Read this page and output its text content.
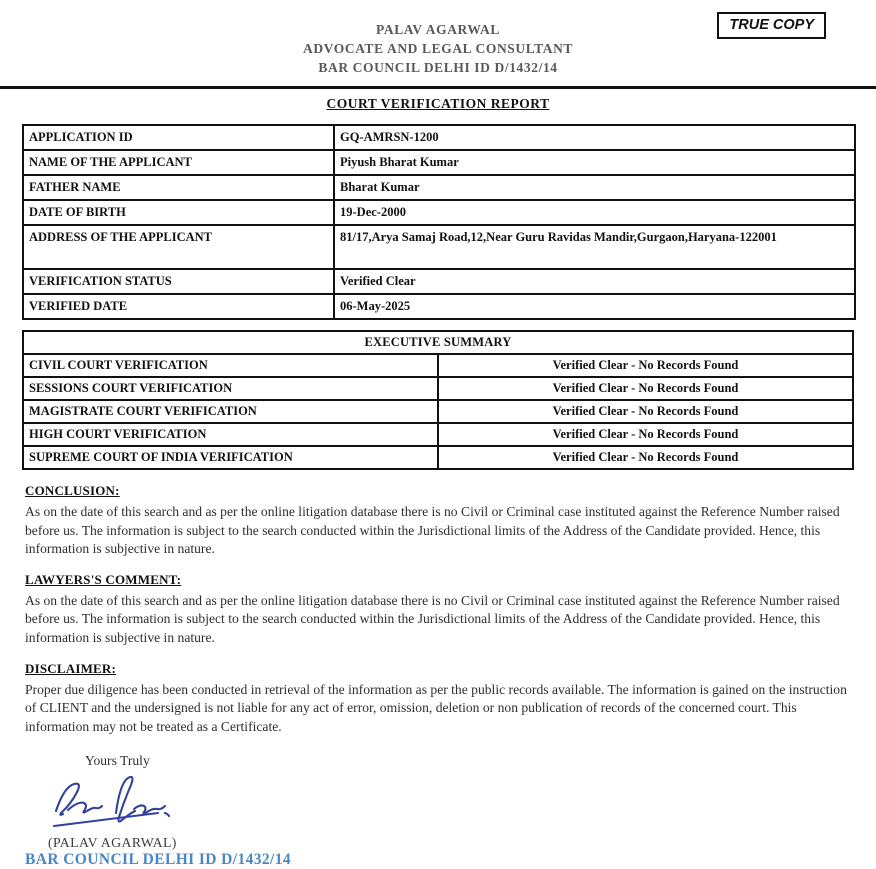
PALAV AGARWAL
ADVOCATE AND LEGAL CONSULTANT
BAR COUNCIL DELHI ID D/1432/14
TRUE COPY
COURT VERIFICATION REPORT
APPLICATION ID	GQ-AMRSN-1200
NAME OF THE APPLICANT	Piyush Bharat Kumar
FATHER NAME	Bharat Kumar
DATE OF BIRTH	19-Dec-2000
ADDRESS OF THE APPLICANT	81/17,Arya Samaj Road,12,Near Guru Ravidas Mandir,Gurgaon,Haryana-122001
VERIFICATION STATUS	Verified Clear
VERIFIED DATE	06-May-2025
EXECUTIVE SUMMARY	
CIVIL COURT VERIFICATION	Verified Clear - No Records Found
SESSIONS COURT VERIFICATION	Verified Clear - No Records Found
MAGISTRATE COURT VERIFICATION	Verified Clear - No Records Found
HIGH COURT VERIFICATION	Verified Clear - No Records Found
SUPREME COURT OF INDIA VERIFICATION	Verified Clear - No Records Found
CONCLUSION:

As on the date of this search and as per the online litigation database there is no Civil or Criminal case instituted against the Reference Number raised before us. The information is subject to the search conducted within the Jurisdictional limits of the Address of the Candidate provided. Hence, this information is subjective in nature.

LAWYERS'S COMMENT:

As on the date of this search and as per the online litigation database there is no Civil or Criminal case instituted against the Reference Number raised before us. The information is subject to the search conducted within the Jurisdictional limits of the Address of the Candidate provided. Hence, this information is subjective in nature.

DISCLAIMER:

Proper due diligence has been conducted in retrieval of the information as per the public records available. The information is gained on the instruction of CLIENT and the undersigned is not liable for any act of error, omission, deletion or non publication of records of the concerned court. This information may not be treated as a Certificate.

Yours Truly
(PALAV AGARWAL)
BAR COUNCIL DELHI ID D/1432/14
